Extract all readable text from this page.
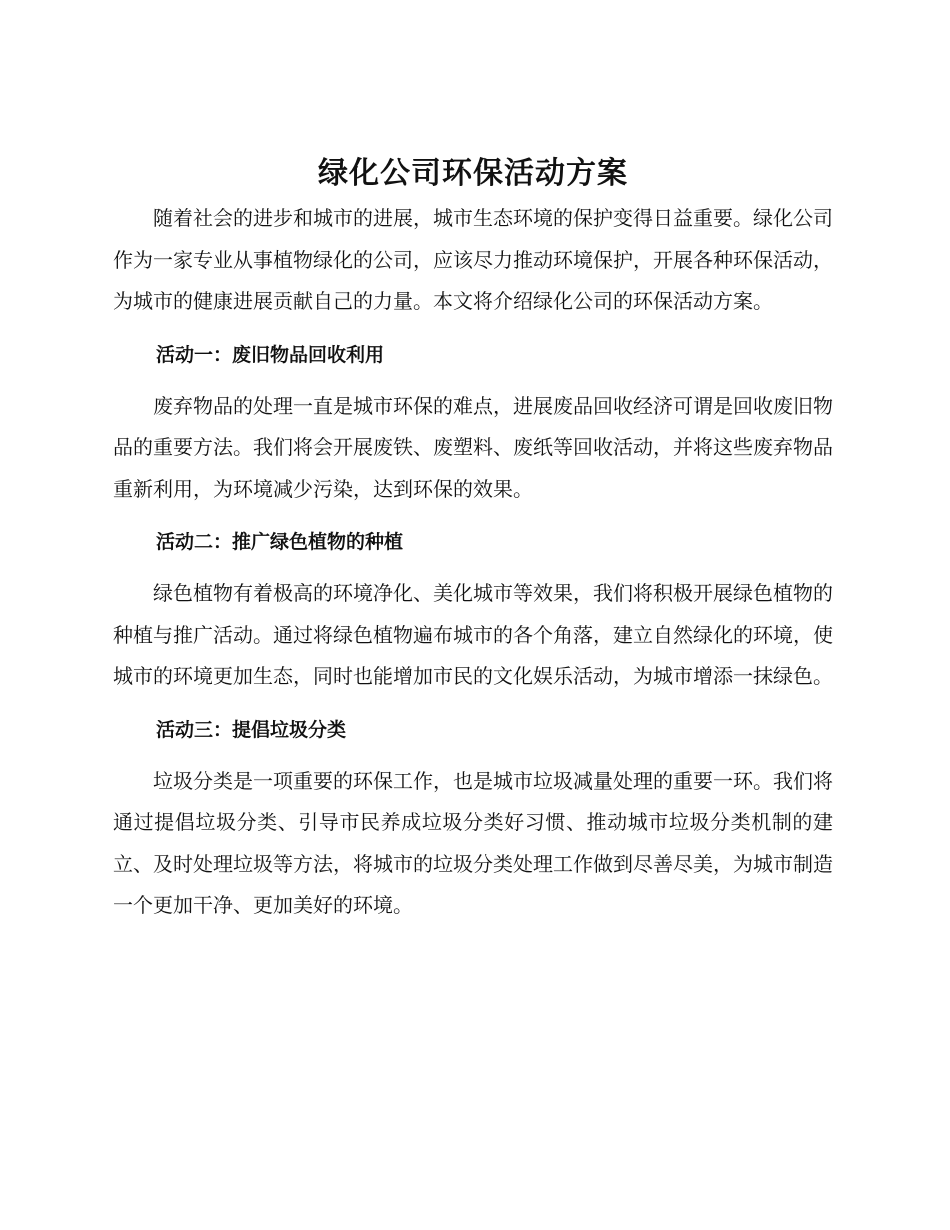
绿化公司环保活动方案

随着社会的进步和城市的进展，城市生态环境的保护变得日益重要。绿化公司作为一家专业从事植物绿化的公司，应该尽力推动环境保护，开展各种环保活动，为城市的健康进展贡献自己的力量。本文将介绍绿化公司的环保活动方案。

活动一：废旧物品回收利用

废弃物品的处理一直是城市环保的难点，进展废品回收经济可谓是回收废旧物品的重要方法。我们将会开展废铁、废塑料、废纸等回收活动，并将这些废弃物品重新利用，为环境减少污染，达到环保的效果。

活动二：推广绿色植物的种植

绿色植物有着极高的环境净化、美化城市等效果，我们将积极开展绿色植物的种植与推广活动。通过将绿色植物遍布城市的各个角落，建立自然绿化的环境，使城市的环境更加生态，同时也能增加市民的文化娱乐活动，为城市增添一抹绿色。

活动三：提倡垃圾分类

垃圾分类是一项重要的环保工作，也是城市垃圾减量处理的重要一环。我们将通过提倡垃圾分类、引导市民养成垃圾分类好习惯、推动城市垃圾分类机制的建立、及时处理垃圾等方法，将城市的垃圾分类处理工作做到尽善尽美，为城市制造一个更加干净、更加美好的环境。
